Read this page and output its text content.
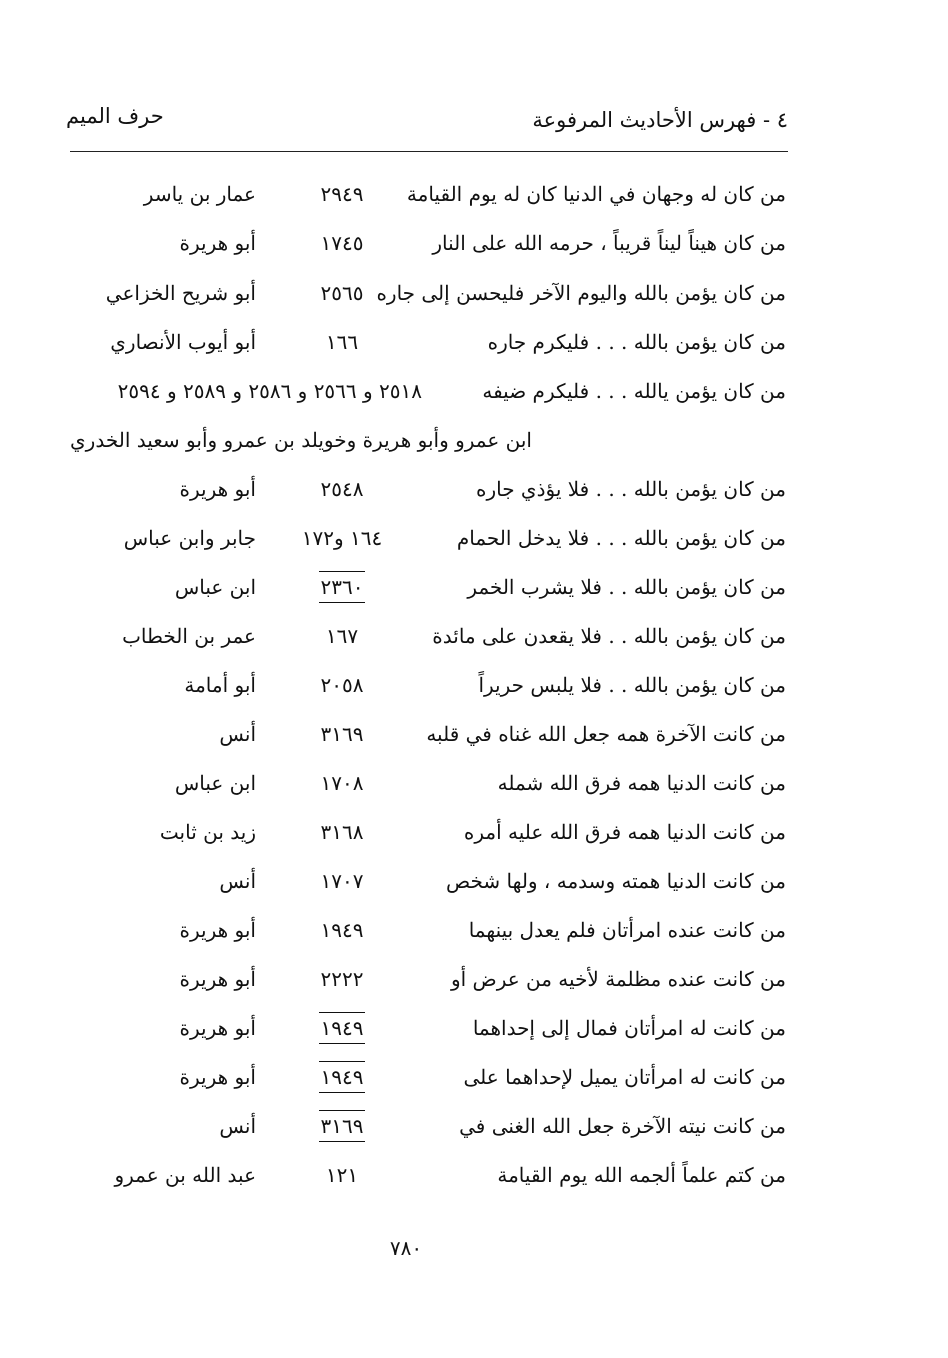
٤ - فهرس الأحاديث المرفوعة
حرف الميم
من كان له وجهان في الدنيا كان له يوم القيامة
٢٩٤٩
عمار بن ياسر
من كان هيناً ليناً قريباً ، حرمه الله على النار
١٧٤٥
أبو هريرة
من كان يؤمن بالله واليوم الآخر فليحسن إلى جاره
٢٥٦٥
أبو شريح الخزاعي
من كان يؤمن بالله . . . فليكرم جاره
١٦٦
أبو أيوب الأنصاري
من كان يؤمن يالله . . . فليكرم ضيفه
٢٥١٨ و ٢٥٦٦ و ٢٥٨٦ و ٢٥٨٩ و ٢٥٩٤
ابن عمرو وأبو هريرة وخويلد بن عمرو وأبو سعيد الخدري
من كان يؤمن بالله . . . فلا يؤذي جاره
٢٥٤٨
أبو هريرة
من كان يؤمن بالله . . . فلا يدخل الحمام
١٦٤ و١٧٢
جابر وابن عباس
من كان يؤمن بالله . . فلا يشرب الخمر
٢٣٦٠
ابن عباس
من كان يؤمن بالله . . فلا يقعدن على مائدة
١٦٧
عمر بن الخطاب
من كان يؤمن بالله . . فلا يلبس حريراً
٢٠٥٨
أبو أمامة
من كانت الآخرة همه جعل الله غناه في قلبه
٣١٦٩
أنس
من كانت الدنيا همه فرق الله شمله
١٧٠٨
ابن عباس
من كانت الدنيا همه فرق الله عليه أمره
٣١٦٨
زيد بن ثابت
من كانت الدنيا همته وسدمه ، ولها شخص
١٧٠٧
أنس
من كانت عنده امرأتان فلم يعدل بينهما
١٩٤٩
أبو هريرة
من كانت عنده مظلمة لأخيه من عرض أو
٢٢٢٢
أبو هريرة
من كانت له امرأتان فمال إلى إحداهما
١٩٤٩
أبو هريرة
من كانت له امرأتان يميل لإحداهما على
١٩٤٩
أبو هريرة
من كانت نيته الآخرة جعل الله الغنى في
٣١٦٩
أنس
من كتم علماً ألجمه الله يوم القيامة
١٢١
عبد الله بن عمرو
٧٨٠
